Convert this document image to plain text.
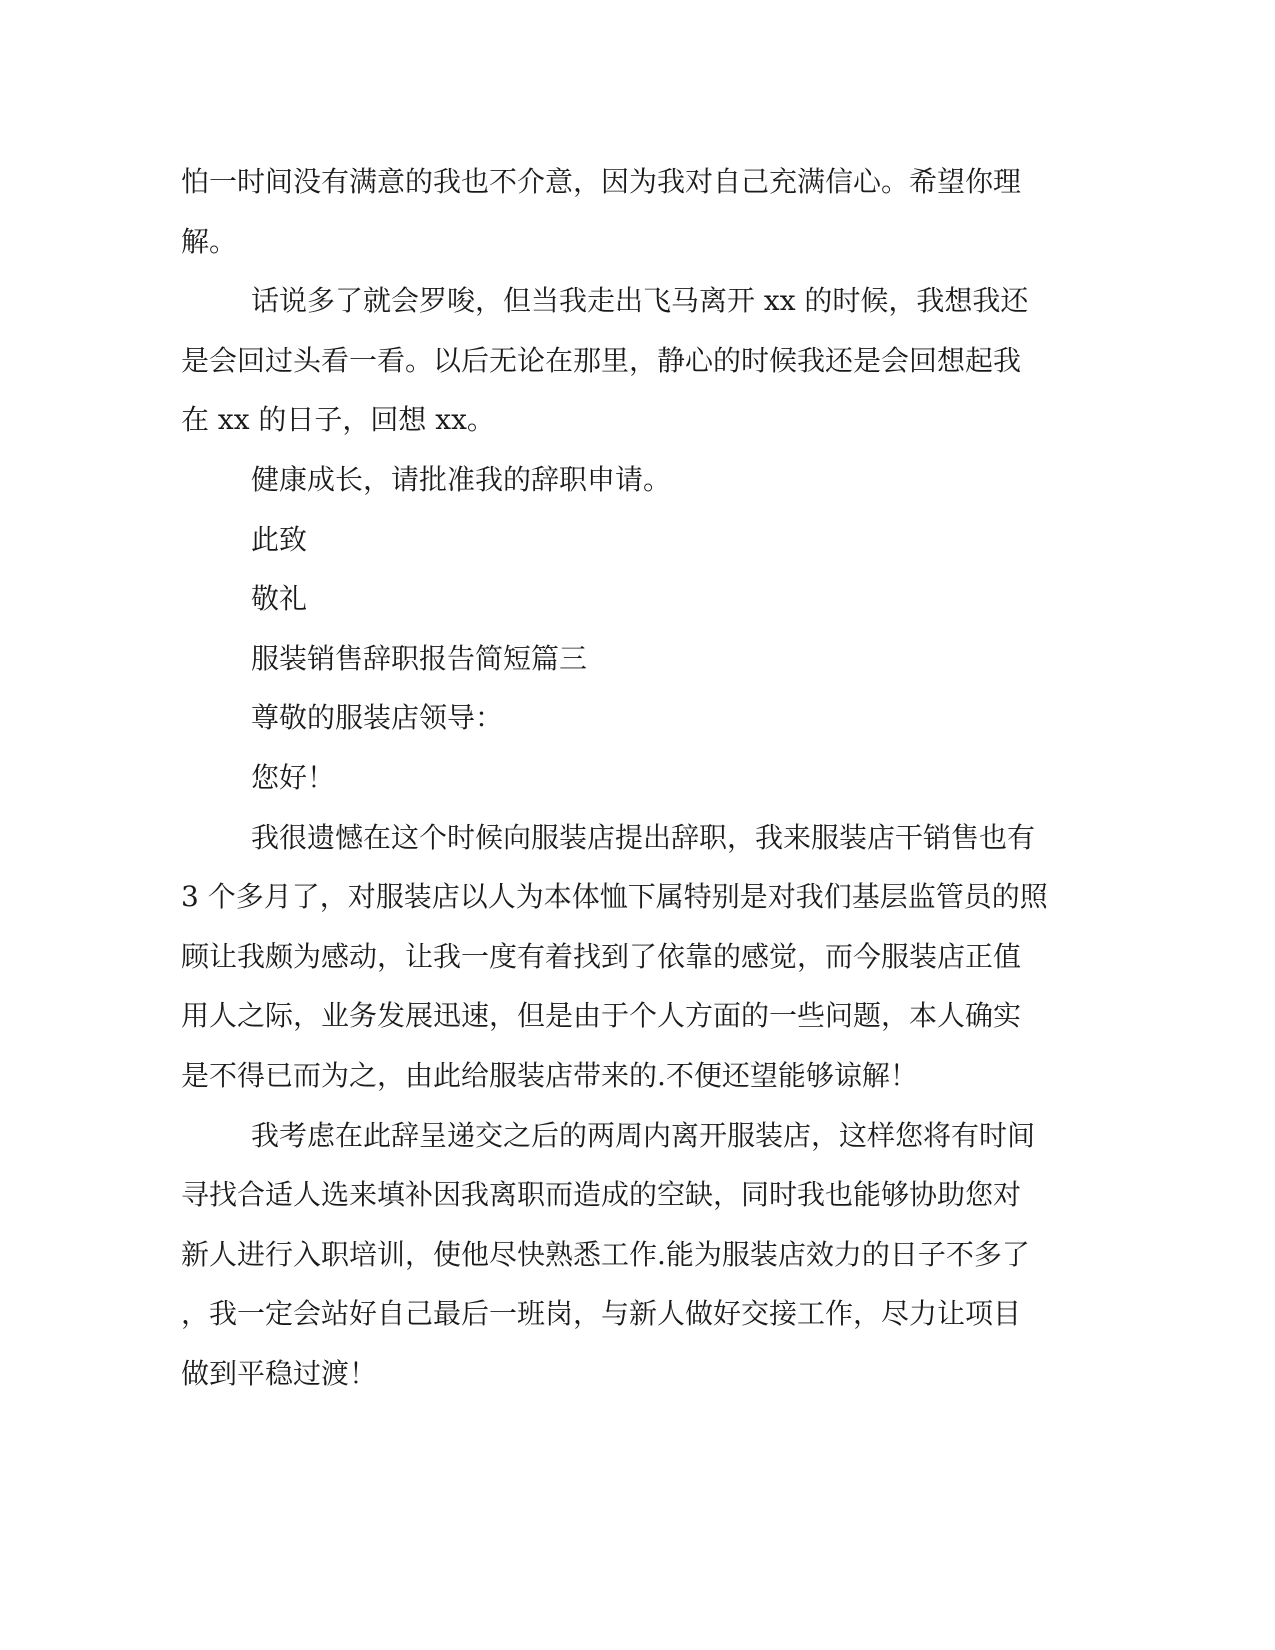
怕一时间没有满意的我也不介意，因为我对自己充满信心。希望你理
解。
话说多了就会罗唆，但当我走出飞马离开 xx 的时候，我想我还
是会回过头看一看。以后无论在那里，静心的时候我还是会回想起我
在 xx 的日子，回想 xx。
健康成长，请批准我的辞职申请。
此致
敬礼
服装销售辞职报告简短篇三
尊敬的服装店领导：
您好！
我很遗憾在这个时候向服装店提出辞职，我来服装店干销售也有
3 个多月了，对服装店以人为本体恤下属特别是对我们基层监管员的照
顾让我颇为感动，让我一度有着找到了依靠的感觉，而今服装店正值
用人之际，业务发展迅速，但是由于个人方面的一些问题，本人确实
是不得已而为之，由此给服装店带来的.不便还望能够谅解！
我考虑在此辞呈递交之后的两周内离开服装店，这样您将有时间
寻找合适人选来填补因我离职而造成的空缺，同时我也能够协助您对
新人进行入职培训，使他尽快熟悉工作.能为服装店效力的日子不多了
，我一定会站好自己最后一班岗，与新人做好交接工作，尽力让项目
做到平稳过渡！
